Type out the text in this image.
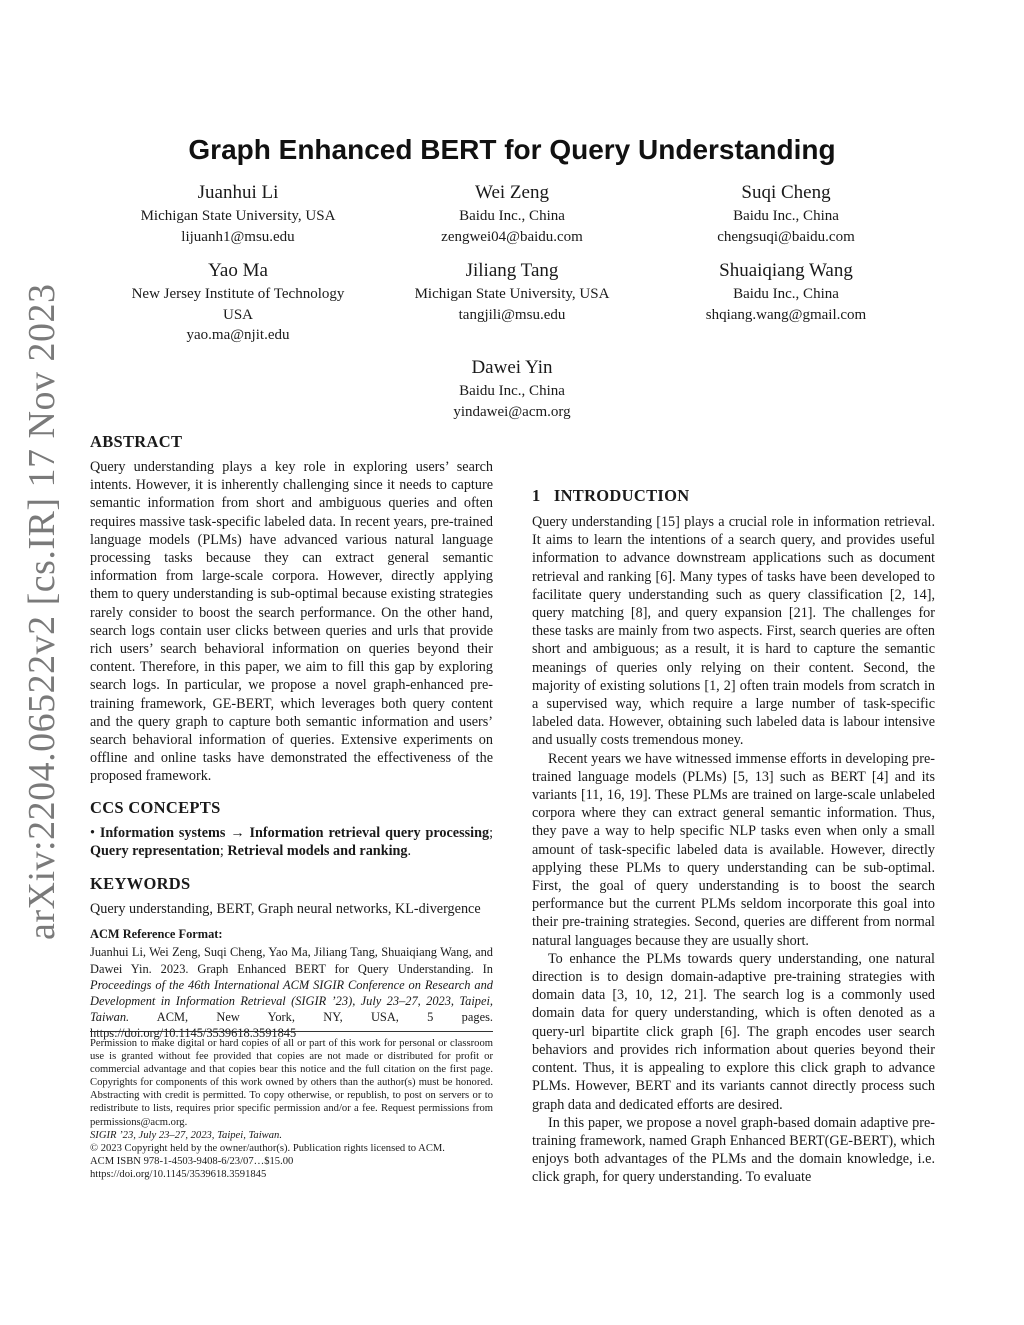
arXiv:2204.06522v2 [cs.IR] 17 Nov 2023
Graph Enhanced BERT for Query Understanding
Juanhui Li
Michigan State University, USA
lijuanh1@msu.edu
Wei Zeng
Baidu Inc., China
zengwei04@baidu.com
Suqi Cheng
Baidu Inc., China
chengsuqi@baidu.com
Yao Ma
New Jersey Institute of Technology
USA
yao.ma@njit.edu
Jiliang Tang
Michigan State University, USA
tangjili@msu.edu
Shuaiqiang Wang
Baidu Inc., China
shqiang.wang@gmail.com
Dawei Yin
Baidu Inc., China
yindawei@acm.org
ABSTRACT

Query understanding plays a key role in exploring users’ search intents. However, it is inherently challenging since it needs to capture semantic information from short and ambiguous queries and often requires massive task-specific labeled data. In recent years, pre-trained language models (PLMs) have advanced various natural language processing tasks because they can extract general semantic information from large-scale corpora. However, directly applying them to query understanding is sub-optimal because existing strategies rarely consider to boost the search performance. On the other hand, search logs contain user clicks between queries and urls that provide rich users’ search behavioral information on queries beyond their content. Therefore, in this paper, we aim to fill this gap by exploring search logs. In particular, we propose a novel graph-enhanced pre-training framework, GE-BERT, which leverages both query content and the query graph to capture both semantic information and users’ search behavioral information of queries. Extensive experiments on offline and online tasks have demonstrated the effectiveness of the proposed framework.

CCS CONCEPTS

• Information systems → Information retrieval query processing; Query representation; Retrieval models and ranking.

KEYWORDS

Query understanding, BERT, Graph neural networks, KL-divergence

ACM Reference Format:

Juanhui Li, Wei Zeng, Suqi Cheng, Yao Ma, Jiliang Tang, Shuaiqiang Wang, and Dawei Yin. 2023. Graph Enhanced BERT for Query Understanding. In Proceedings of the 46th International ACM SIGIR Conference on Research and Development in Information Retrieval (SIGIR ’23), July 23–27, 2023, Taipei, Taiwan. ACM, New York, NY, USA, 5 pages. https://doi.org/10.1145/3539618.3591845

Permission to make digital or hard copies of all or part of this work for personal or classroom use is granted without fee provided that copies are not made or distributed for profit or commercial advantage and that copies bear this notice and the full citation on the first page. Copyrights for components of this work owned by others than the author(s) must be honored. Abstracting with credit is permitted. To copy otherwise, or republish, to post on servers or to redistribute to lists, requires prior specific permission and/or a fee. Request permissions from permissions@acm.org.

SIGIR ’23, July 23–27, 2023, Taipei, Taiwan.

© 2023 Copyright held by the owner/author(s). Publication rights licensed to ACM.

ACM ISBN 978-1-4503-9408-6/23/07…$15.00

https://doi.org/10.1145/3539618.3591845

1 INTRODUCTION

Query understanding [15] plays a crucial role in information retrieval. It aims to learn the intentions of a search query, and provides useful information to advance downstream applications such as document retrieval and ranking [6]. Many types of tasks have been developed to facilitate query understanding such as query classification [2, 14], query matching [8], and query expansion [21]. The challenges for these tasks are mainly from two aspects. First, search queries are often short and ambiguous; as a result, it is hard to capture the semantic meanings of queries only relying on their content. Second, the majority of existing solutions [1, 2] often train models from scratch in a supervised way, which require a large number of task-specific labeled data. However, obtaining such labeled data is labour intensive and usually costs tremendous money.

Recent years we have witnessed immense efforts in developing pre-trained language models (PLMs) [5, 13] such as BERT [4] and its variants [11, 16, 19]. These PLMs are trained on large-scale unlabeled corpora where they can extract general semantic information. Thus, they pave a way to help specific NLP tasks even when only a small amount of task-specific labeled data is available. However, directly applying these PLMs to query understanding can be sub-optimal. First, the goal of query understanding is to boost the search performance but the current PLMs seldom incorporate this goal into their pre-training strategies. Second, queries are different from normal natural languages because they are usually short.

To enhance the PLMs towards query understanding, one natural direction is to design domain-adaptive pre-training strategies with domain data [3, 10, 12, 21]. The search log is a commonly used domain data for query understanding, which is often denoted as a query-url bipartite click graph [6]. The graph encodes user search behaviors and provides rich information about queries beyond their content. Thus, it is appealing to explore this click graph to advance PLMs. However, BERT and its variants cannot directly process such graph data and dedicated efforts are desired.

In this paper, we propose a novel graph-based domain adaptive pre-training framework, named Graph Enhanced BERT(GE-BERT), which enjoys both advantages of the PLMs and the domain knowledge, i.e. click graph, for query understanding. To evaluate
